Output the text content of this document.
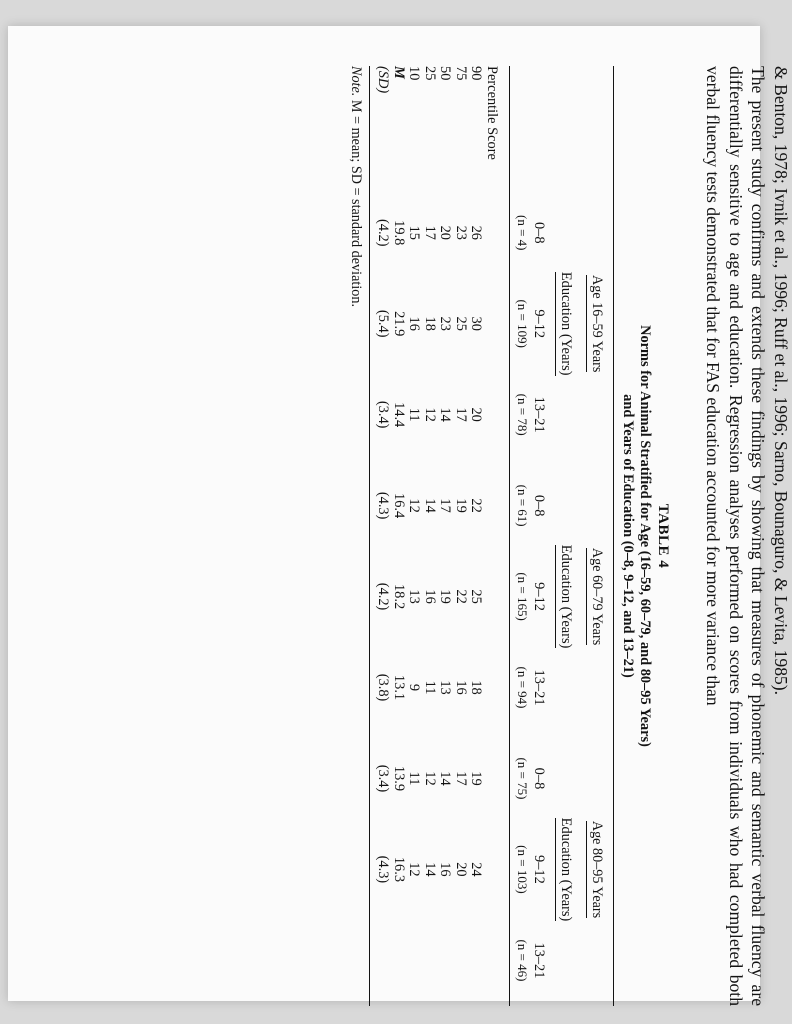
& Benton, 1978; Ivnik et al., 1996; Ruff et al., 1996; Sarno, Bounaguro, & Levita, 1985).

The present study confirms and extends these findings by showing that measures of phonemic and semantic verbal fluency are differentially sensitive to age and education. Regression analyses performed on scores from individuals who had completed both verbal fluency tests demonstrated that for FAS education accounted for more variance than

TABLE 4
Norms for Animal Stratified for Age (16–59, 60–79, and 80–95 Years)
and Years of Education (0–8, 9–12, and 13–21)
	Age 16–59 Years			Age 60–79 Years			Age 80–95 Years		
	Education (Years)			Education (Years)			Education (Years)		
	0–8	9–12	13–21	0–8	9–12	13–21	0–8	9–12	13–21
	(n = 4)	(n = 109)	(n = 78)	(n = 61)	(n = 165)	(n = 94)	(n = 75)	(n = 103)	(n = 46)

Percentile Score									
90	26	30	20	22	25	18	19	24	
75	23	25	17	19	22	16	17	20	
50	20	23	14	17	19	13	14	16	
25	17	18	12	14	16	11	12	14	
10	15	16	11	12	13	9	11	12	
M	19.8	21.9	14.4	16.4	18.2	13.1	13.9	16.3	
(SD)	(4.2)	(5.4)	(3.4)	(4.3)	(4.2)	(3.8)	(3.4)	(4.3)	

Note. M = mean; SD = standard deviation.
